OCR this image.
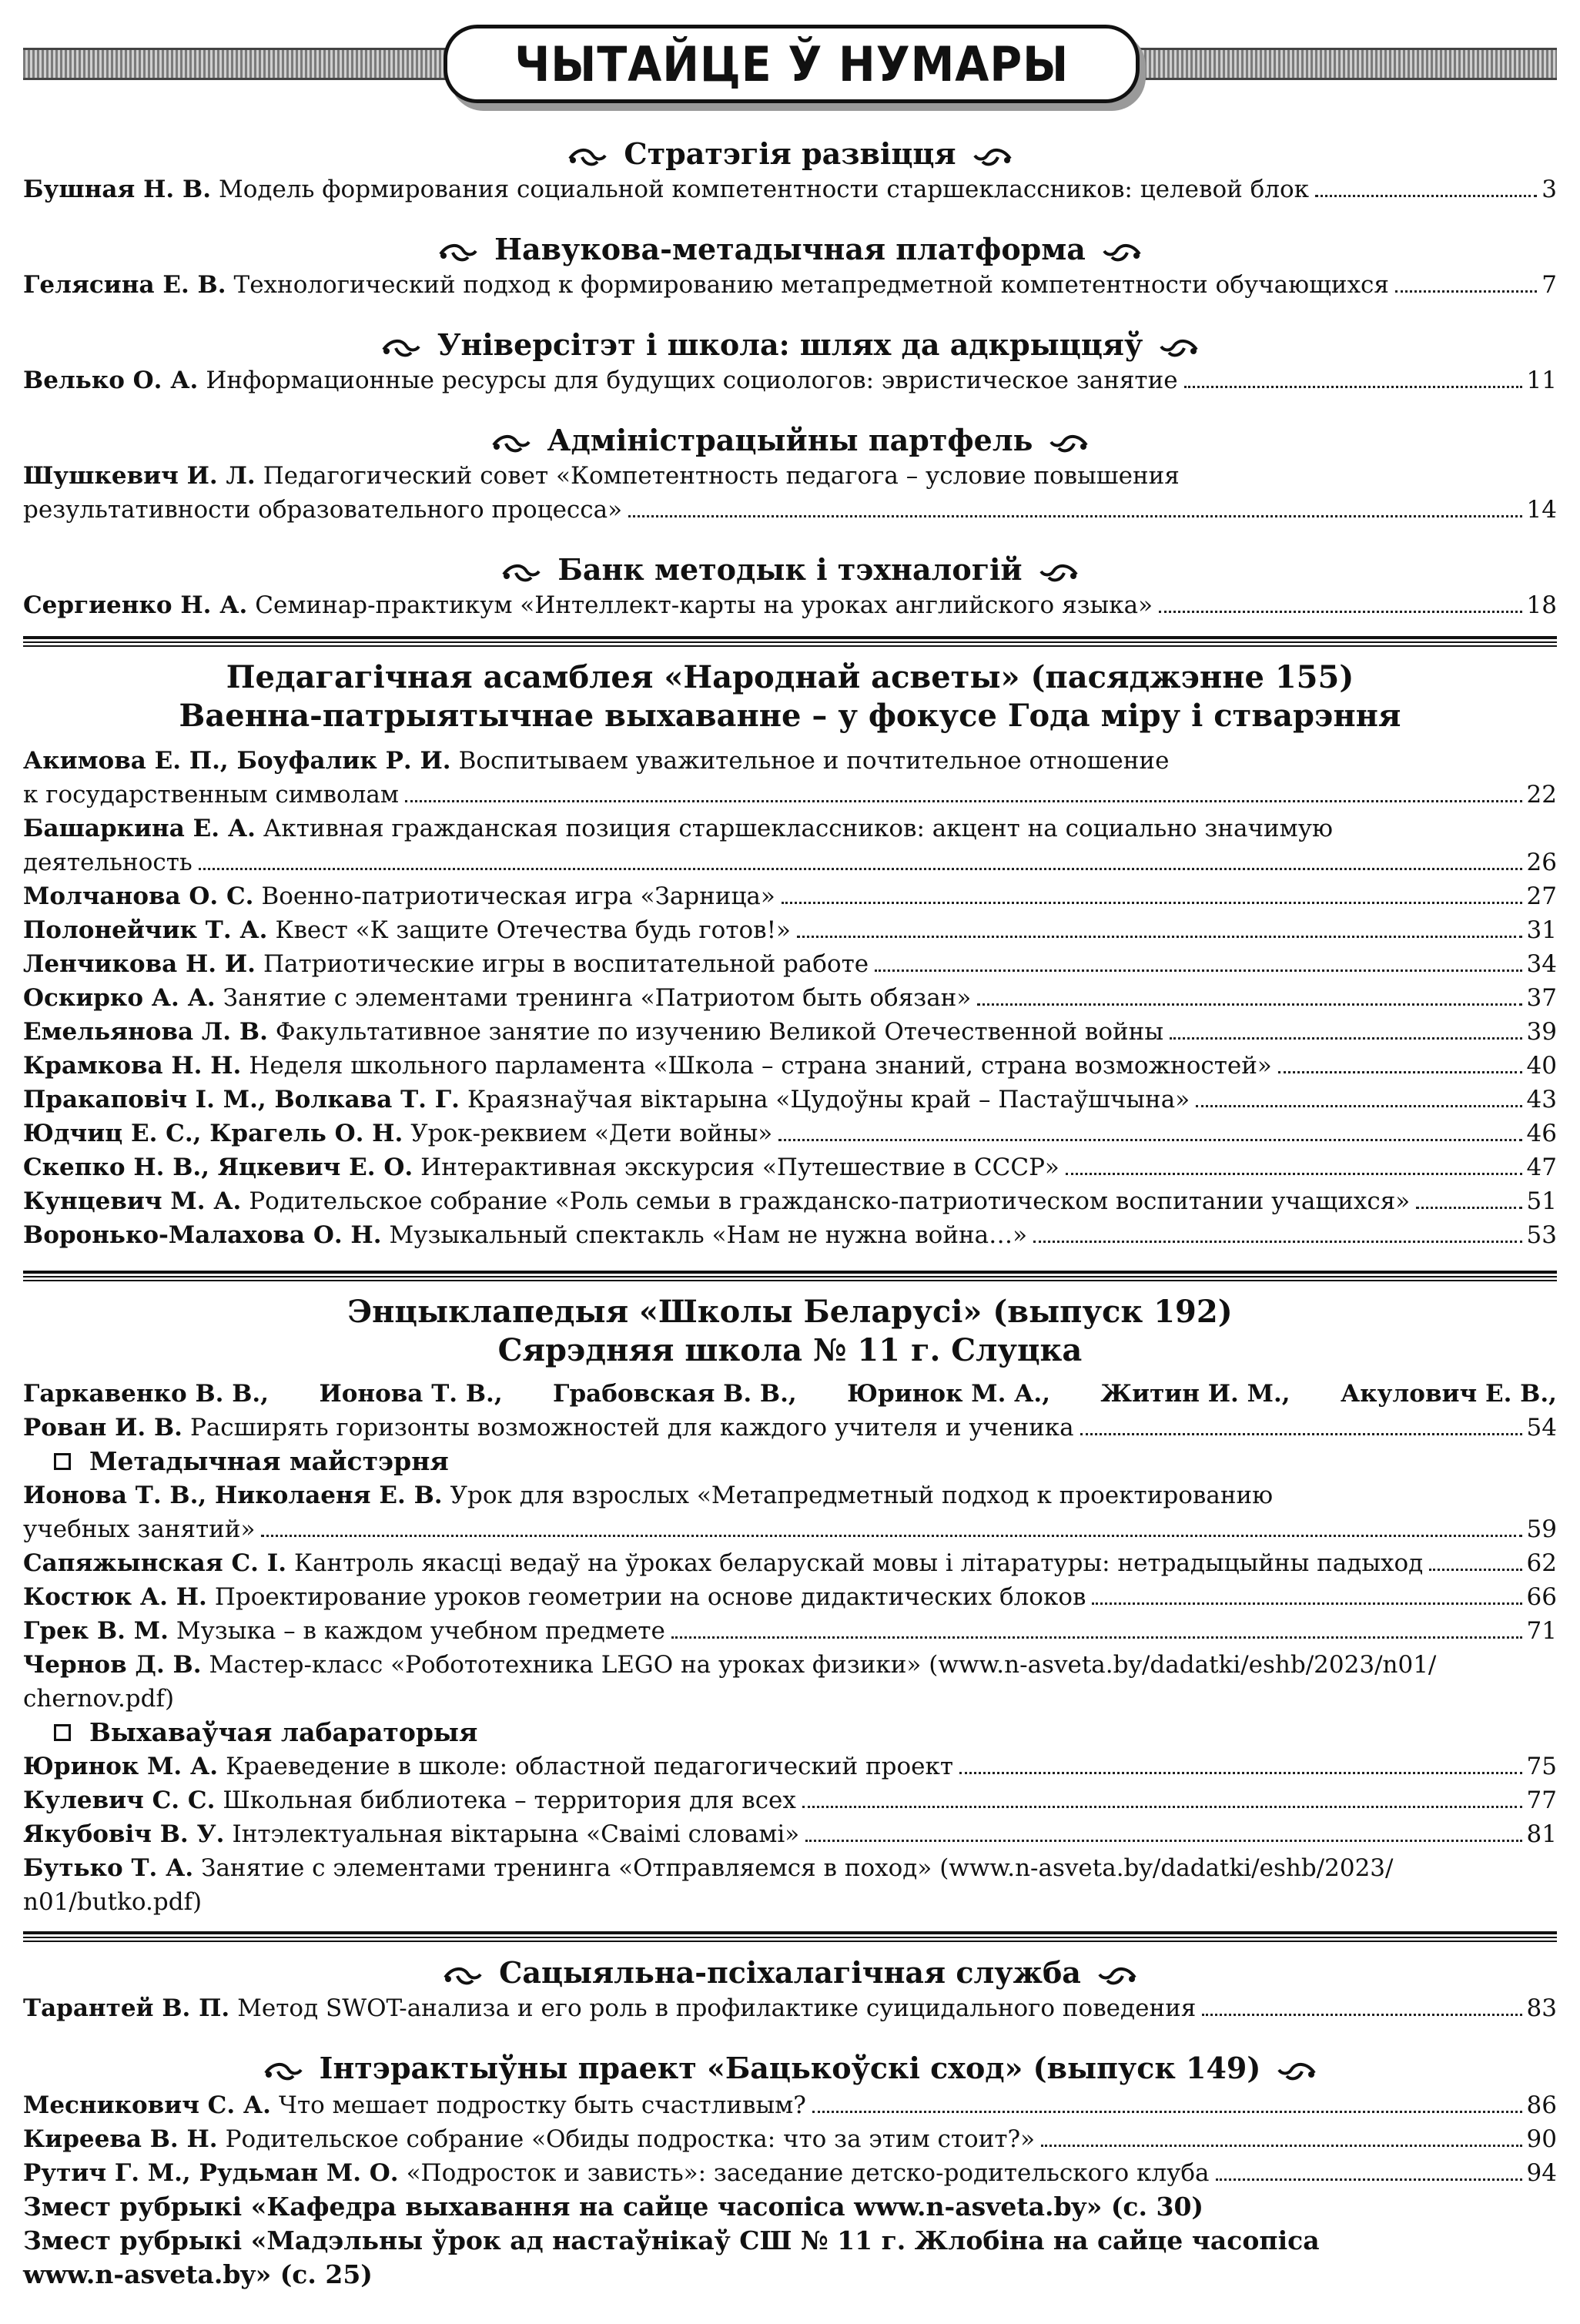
ЧЫТАЙЦЕ Ў НУМАРЫ
Стратэгія развіцця
Бушная Н. В. Модель формирования социальной компетентности старшеклассников: целевой блок	3
Навукова-метадычная платформа
Гелясина Е. В. Технологический подход к формированию метапредметной компетентности обучающихся	7
Універсітэт і школа: шлях да адкрыццяў
Велько О. А. Информационные ресурсы для будущих социологов: эвристическое занятие	11
Адміністрацыйны партфель
Шушкевич И. Л. Педагогический совет «Компетентность педагога – условие повышения
результативности образовательного процесса»	14
Банк методык і тэхналогій
Сергиенко Н. А. Семинар-практикум «Интеллект-карты на уроках английского языка»	18
Педагагічная асамблея «Народнай асветы» (пасяджэнне 155)
Ваенна-патрыятычнае выхаванне – у фокусе Года міру і стварэння
Акимова Е. П., Боуфалик Р. И. Воспитываем уважительное и почтительное отношение
к государственным символам	22
Башаркина Е. А. Активная гражданская позиция старшеклассников: акцент на социально значимую
деятельность	26
Молчанова О. С. Военно-патриотическая игра «Зарница»	27
Полонейчик Т. А. Квест «К защите Отечества будь готов!»	31
Ленчикова Н. И. Патриотические игры в воспитательной работе	34
Оскирко А. А. Занятие с элементами тренинга «Патриотом быть обязан»	37
Емельянова Л. В. Факультативное занятие по изучению Великой Отечественной войны	39
Крамкова Н. Н. Неделя школьного парламента «Школа – страна знаний, страна возможностей»	40
Пракаповіч І. М., Волкава Т. Г. Краязнаўчая віктарына «Цудоўны край – Пастаўшчына»	43
Юдчиц Е. С., Крагель О. Н. Урок-реквием «Дети войны»	46
Скепко Н. В., Яцкевич Е. О. Интерактивная экскурсия «Путешествие в СССР»	47
Кунцевич М. А. Родительское собрание «Роль семьи в гражданско-патриотическом воспитании учащихся»	51
Воронько-Малахова О. Н. Музыкальный спектакль «Нам не нужна война…»	53
Энцыклапедыя «Школы Беларусі» (выпуск 192)
Сярэдняя школа № 11 г. Слуцка
Гаркавенко В. В., Ионова Т. В., Грабовская В. В., Юринок М. А., Житин И. М., Акулович Е. В.,
Рован И. В. Расширять горизонты возможностей для каждого учителя и ученика	54
Метадычная майстэрня
Ионова Т. В., Николаеня Е. В. Урок для взрослых «Метапредметный подход к проектированию
учебных занятий»	59
Сапяжынская С. І. Кантроль якасці ведаў на ўроках беларускай мовы і літаратуры: нетрадыцыйны падыход	62
Костюк А. Н. Проектирование уроков геометрии на основе дидактических блоков	66
Грек В. М. Музыка – в каждом учебном предмете	71
Чернов Д. В. Мастер-класс «Робототехника LEGO на уроках физики» (www.n-asveta.by/dadatki/eshb/2023/n01/
chernov.pdf)
Выхаваўчая лабараторыя
Юринок М. А. Краеведение в школе: областной педагогический проект	75
Кулевич С. С. Школьная библиотека – территория для всех	77
Якубовіч В. У. Інтэлектуальная віктарына «Сваімі словамі»	81
Бутько Т. А. Занятие с элементами тренинга «Отправляемся в поход» (www.n-asveta.by/dadatki/eshb/2023/
n01/butko.pdf)
Сацыяльна-псіхалагічная служба
Тарантей В. П. Метод SWOT-анализа и его роль в профилактике суицидального поведения	83
Інтэрактыўны праект «Бацькоўскі сход» (выпуск 149)
Месникович С. А. Что мешает подростку быть счастливым?	86
Киреева В. Н. Родительское собрание «Обиды подростка: что за этим стоит?»	90
Рутич Г. М., Рудьман М. О. «Подросток и зависть»: заседание детско-родительского клуба	94
Змест рубрыкі «Кафедра выхавання на сайце часопіса www.n-asveta.by» (с. 30)
Змест рубрыкі «Мадэльны ўрок ад настаўнікаў СШ № 11 г. Жлобіна на сайце часопіса
www.n-asveta.by» (с. 25)
